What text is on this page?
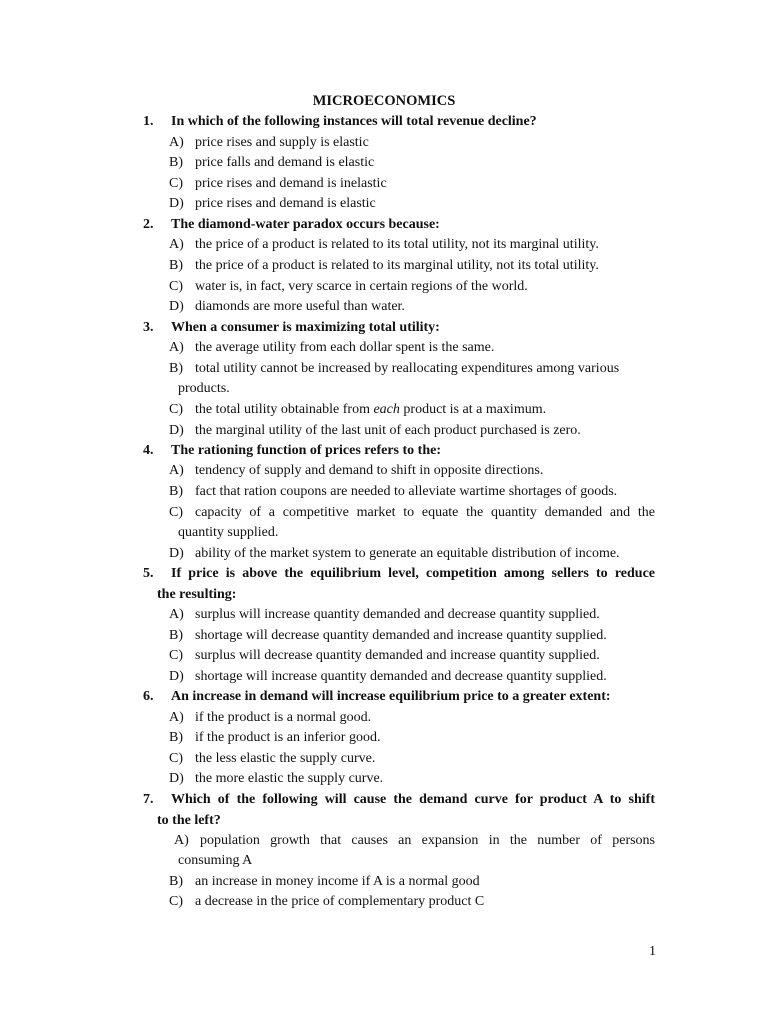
MICROECONOMICS
1. In which of the following instances will total revenue decline?
A) price rises and supply is elastic
B) price falls and demand is elastic
C) price rises and demand is inelastic
D) price rises and demand is elastic
2. The diamond-water paradox occurs because:
A) the price of a product is related to its total utility, not its marginal utility.
B) the price of a product is related to its marginal utility, not its total utility.
C) water is, in fact, very scarce in certain regions of the world.
D) diamonds are more useful than water.
3. When a consumer is maximizing total utility:
A) the average utility from each dollar spent is the same.
B) total utility cannot be increased by reallocating expenditures among various
products.
C) the total utility obtainable from each product is at a maximum.
D) the marginal utility of the last unit of each product purchased is zero.
4. The rationing function of prices refers to the:
A) tendency of supply and demand to shift in opposite directions.
B) fact that ration coupons are needed to alleviate wartime shortages of goods.
C) capacity of a competitive market to equate the quantity demanded and the
quantity supplied.
D) ability of the market system to generate an equitable distribution of income.
5. If price is above the equilibrium level, competition among sellers to reduce
the resulting:
A) surplus will increase quantity demanded and decrease quantity supplied.
B) shortage will decrease quantity demanded and increase quantity supplied.
C) surplus will decrease quantity demanded and increase quantity supplied.
D) shortage will increase quantity demanded and decrease quantity supplied.
6. An increase in demand will increase equilibrium price to a greater extent:
A) if the product is a normal good.
B) if the product is an inferior good.
C) the less elastic the supply curve.
D) the more elastic the supply curve.
7. Which of the following will cause the demand curve for product A to shift
to the left?
A) population growth that causes an expansion in the number of persons
consuming A
B) an increase in money income if A is a normal good
C) a decrease in the price of complementary product C
1
